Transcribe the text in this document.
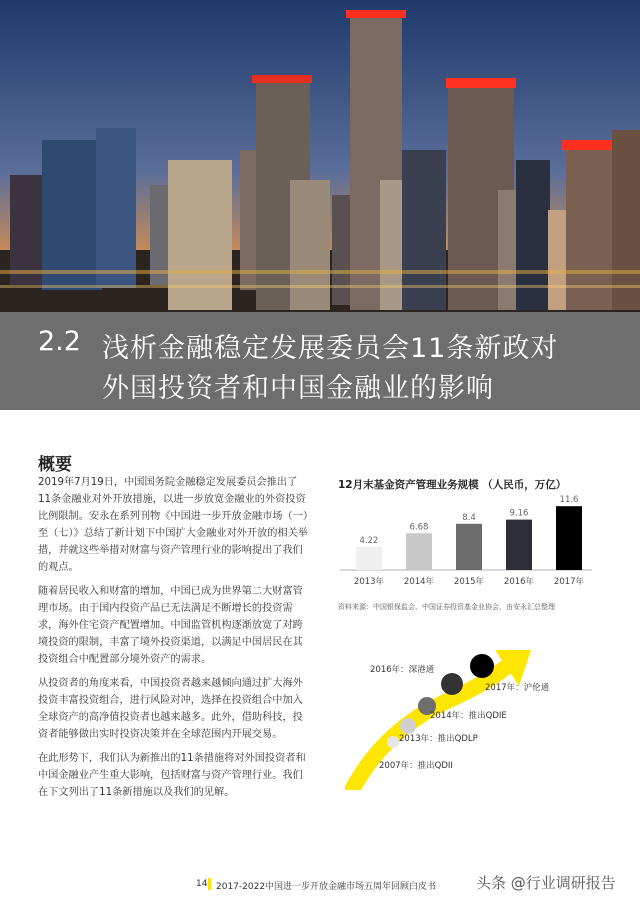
2.2 浅析金融稳定发展委员会11条新政对
外国投资者和中国金融业的影响
概要

2019年7月19日，中国国务院金融稳定发展委员会推出了11条金融业对外开放措施，以进一步放宽金融业的外资投资比例限制。安永在系列刊物《中国进一步开放金融市场（一）至（七）》总结了新计划下中国扩大金融业对外开放的相关举措，并就这些举措对财富与资产管理行业的影响提出了我们的观点。

随着居民收入和财富的增加，中国已成为世界第二大财富管理市场。由于国内投资产品已无法满足不断增长的投资需求，海外住宅资产配置增加。中国监管机构逐渐放宽了对跨境投资的限制，丰富了境外投资渠道，以满足中国居民在其投资组合中配置部分境外资产的需求。

从投资者的角度来看，中国投资者越来越倾向通过扩大海外投资丰富投资组合，进行风险对冲，选择在投资组合中加入全球资产的高净值投资者也越来越多。此外，借助科技，投资者能够做出实时投资决策并在全球范围内开展交易。

在此形势下，我们认为新推出的11条措施将对外国投资者和中国金融业产生重大影响，包括财富与资产管理行业。我们在下文列出了11条新措施以及我们的见解。

12月末基金资产管理业务规模 （人民币，万亿）
4.22
2013年
6.68
2014年
8.4
2015年
9.16
2016年
11.6
2017年
资料来源：中国银保监会、中国证券投资基金业协会，由安永汇总整理
2007年：推出QDII
2013年：推出QDLP
2014年：推出QDIE
2016年：深港通
2017年：沪伦通
14 2017-2022中国进一步开放金融市场五周年回顾白皮书	头条 @行业调研报告
